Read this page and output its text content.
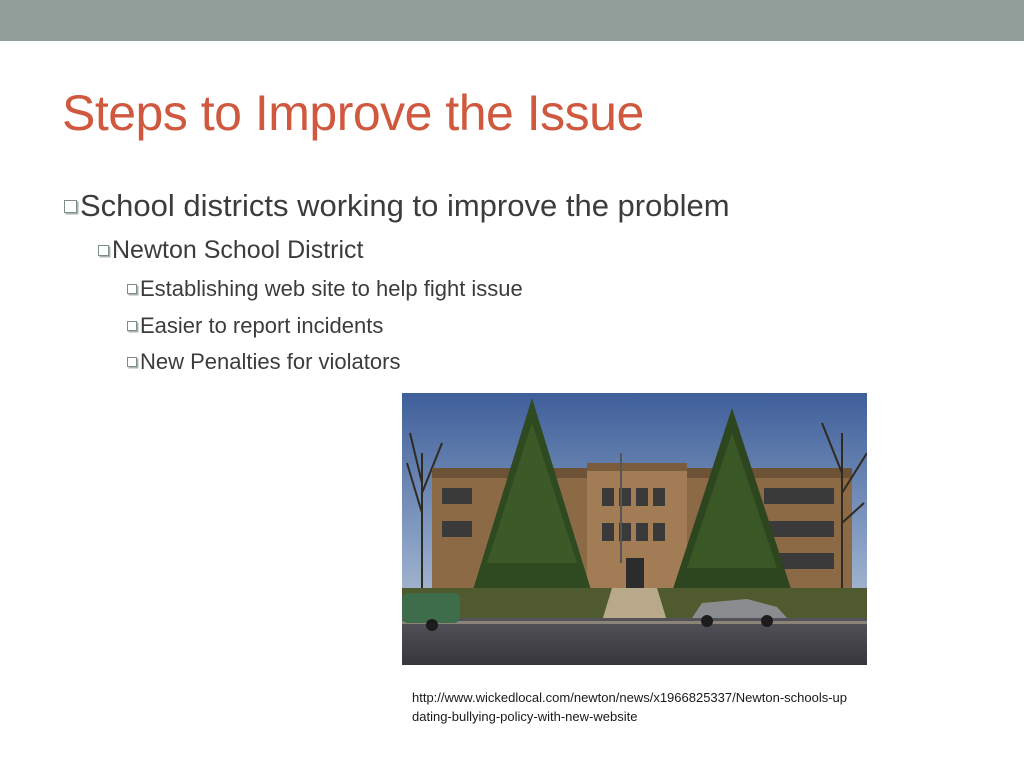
Steps to Improve the Issue
School districts working to improve the problem
Newton School District
Establishing web site to help fight issue
Easier to report incidents
New Penalties for violators

http://www.wickedlocal.com/newton/news/x1966825337/Newton-schools-updating-bullying-policy-with-new-website
